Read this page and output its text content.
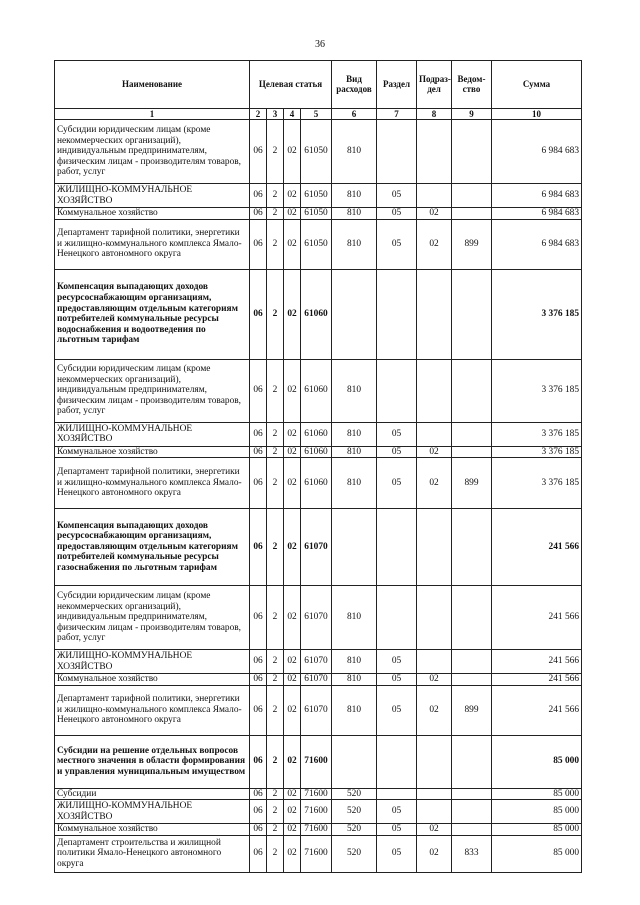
36
Наименование	Целевая статья				Вид расходов	Раздел	Подраз-дел	Ведом-ство	Сумма
1	2	3	4	5	6	7	8	9	10
Субсидии юридическим лицам (кроме некоммерческих организаций), индивидуальным предпринимателям, физическим лицам - производителям товаров, работ, услуг	06	2	02	61050	810				6 984 683
ЖИЛИЩНО-КОММУНАЛЬНОЕ ХОЗЯЙСТВО	06	2	02	61050	810	05			6 984 683
Коммунальное хозяйство	06	2	02	61050	810	05	02		6 984 683
Департамент тарифной политики, энергетики и жилищно-коммунального комплекса Ямало-Ненецкого автономного округа	06	2	02	61050	810	05	02	899	6 984 683
Компенсация выпадающих доходов ресурсоснабжающим организациям, предоставляющим отдельным категориям потребителей коммунальные ресурсы водоснабжения и водоотведения по льготным тарифам	06	2	02	61060					3 376 185
Субсидии юридическим лицам (кроме некоммерческих организаций), индивидуальным предпринимателям, физическим лицам - производителям товаров, работ, услуг	06	2	02	61060	810				3 376 185
ЖИЛИЩНО-КОММУНАЛЬНОЕ ХОЗЯЙСТВО	06	2	02	61060	810	05			3 376 185
Коммунальное хозяйство	06	2	02	61060	810	05	02		3 376 185
Департамент тарифной политики, энергетики и жилищно-коммунального комплекса Ямало-Ненецкого автономного округа	06	2	02	61060	810	05	02	899	3 376 185
Компенсация выпадающих доходов ресурсоснабжающим организациям, предоставляющим отдельным категориям потребителей коммунальные ресурсы газоснабжения по льготным тарифам	06	2	02	61070					241 566
Субсидии юридическим лицам (кроме некоммерческих организаций), индивидуальным предпринимателям, физическим лицам - производителям товаров, работ, услуг	06	2	02	61070	810				241 566
ЖИЛИЩНО-КОММУНАЛЬНОЕ ХОЗЯЙСТВО	06	2	02	61070	810	05			241 566
Коммунальное хозяйство	06	2	02	61070	810	05	02		241 566
Департамент тарифной политики, энергетики и жилищно-коммунального комплекса Ямало-Ненецкого автономного округа	06	2	02	61070	810	05	02	899	241 566
Субсидии на решение отдельных вопросов местного значения в области формирования и управления муниципальным имуществом	06	2	02	71600					85 000
Субсидии	06	2	02	71600	520				85 000
ЖИЛИЩНО-КОММУНАЛЬНОЕ ХОЗЯЙСТВО	06	2	02	71600	520	05			85 000
Коммунальное хозяйство	06	2	02	71600	520	05	02		85 000
Департамент строительства и жилищной политики Ямало-Ненецкого автономного округа	06	2	02	71600	520	05	02	833	85 000
